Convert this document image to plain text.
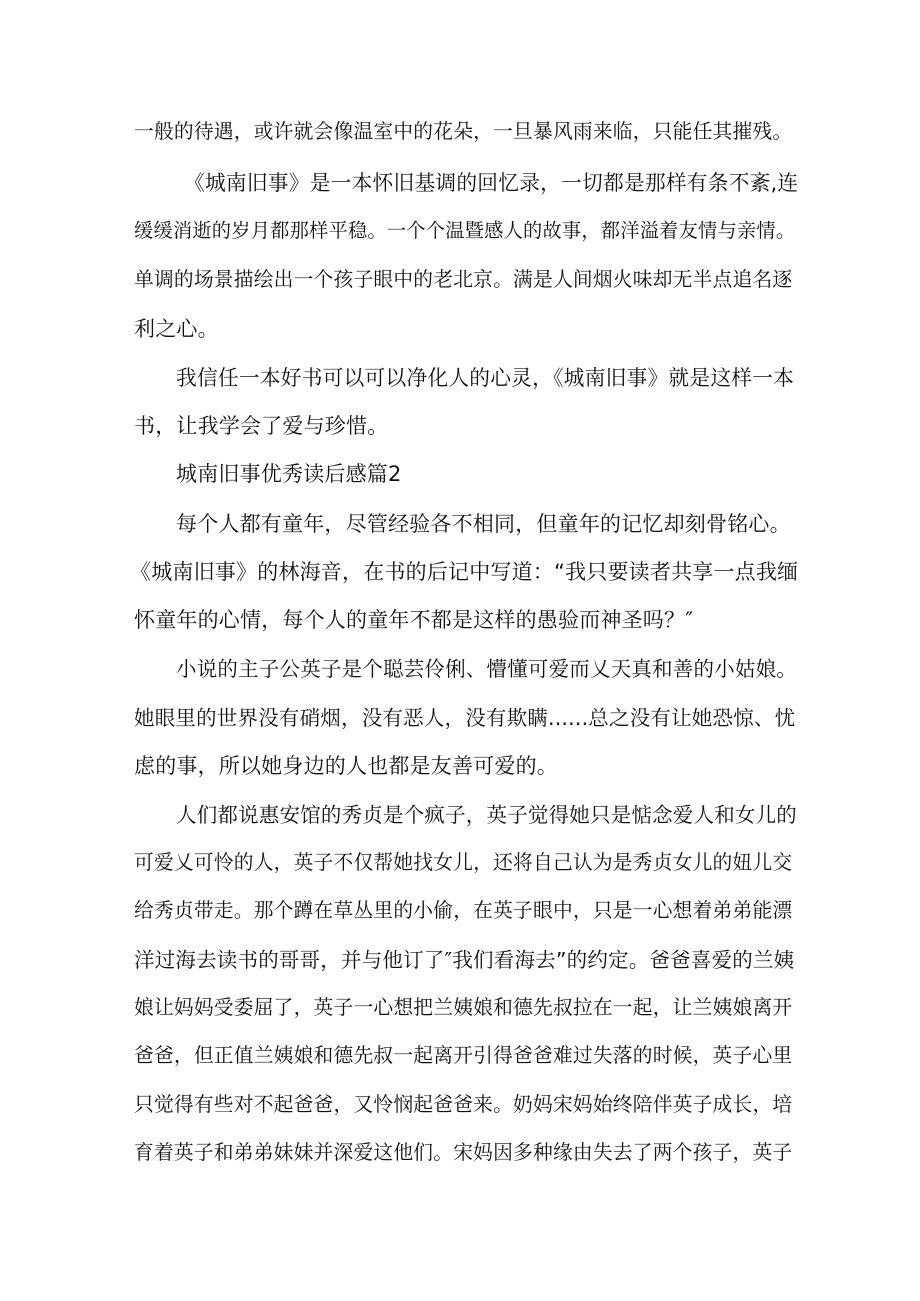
一般的待遇，或许就会像温室中的花朵，一旦暴风雨来临，只能任其摧残。
《城南旧事》是一本怀旧基调的回忆录，一切都是那样有条不紊,连
缓缓消逝的岁月都那样平稳。一个个温暨感人的故事，都洋溢着友情与亲情。
单调的场景描绘出一个孩子眼中的老北京。满是人间烟火味却无半点追名逐
利之心。
我信任一本好书可以可以净化人的心灵，《城南旧事》就是这样一本
书，让我学会了爱与珍惜。
城南旧事优秀读后感篇2
每个人都有童年，尽管经验各不相同，但童年的记忆却刻骨铭心。
《城南旧事》的林海音，在书的后记中写道：“我只要读者共享一点我缅
怀童年的心情，每个人的童年不都是这样的愚验而神圣吗？″
小说的主子公英子是个聪芸伶俐、懵懂可爱而乂天真和善的小姑娘。
她眼里的世界没有硝烟，没有恶人，没有欺瞒......总之没有让她恐惊、忧
虑的事，所以她身边的人也都是友善可爱的。
人们都说惠安馆的秀贞是个疯子，英子觉得她只是惦念爱人和女儿的
可爱乂可怜的人，英子不仅帮她找女儿，还将自己认为是秀贞女儿的妞儿交
给秀贞带走。那个蹲在草丛里的小偷，在英子眼中，只是一心想着弟弟能漂
洋过海去读书的哥哥，并与他订了″我们看海去”的约定。爸爸喜爱的兰姨
娘让妈妈受委屈了，英子一心想把兰姨娘和德先叔拉在一起，让兰姨娘离开
爸爸，但正值兰姨娘和德先叔一起离开引得爸爸难过失落的时候，英子心里
只觉得有些对不起爸爸，又怜悯起爸爸来。奶妈宋妈始终陪伴英子成长，培
育着英子和弟弟妹妹并深爱这他们。宋妈因多种缘由失去了两个孩子，英子
